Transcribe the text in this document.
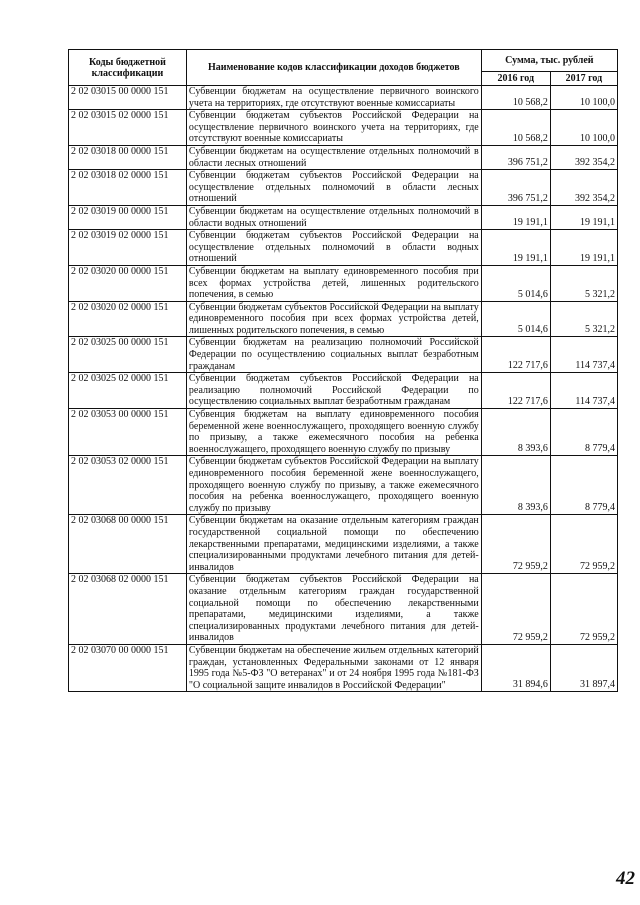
Коды бюджетной классификации	Наименование кодов классификации доходов бюджетов	Сумма, тыс. рублей	
		2016 год	2017 год
2 02 03015 00 0000 151	Субвенции бюджетам на осуществление первичного воинского учета на территориях, где отсутствуют военные комиссариаты	10 568,2	10 100,0
2 02 03015 02 0000 151	Субвенции бюджетам субъектов Российской Федерации на осуществление первичного воинского учета на территориях, где отсутствуют военные комиссариаты	10 568,2	10 100,0
2 02 03018 00 0000 151	Субвенции бюджетам на осуществление отдельных полномочий в области лесных отношений	396 751,2	392 354,2
2 02 03018 02 0000 151	Субвенции бюджетам субъектов Российской Федерации на осуществление отдельных полномочий в области лесных отношений	396 751,2	392 354,2
2 02 03019 00 0000 151	Субвенции бюджетам на осуществление отдельных полномочий в области водных отношений	19 191,1	19 191,1
2 02 03019 02 0000 151	Субвенции бюджетам субъектов Российской Федерации на осуществление отдельных полномочий в области водных отношений	19 191,1	19 191,1
2 02 03020 00 0000 151	Субвенции бюджетам на выплату единовременного пособия при всех формах устройства детей, лишенных родительского попечения, в семью	5 014,6	5 321,2
2 02 03020 02 0000 151	Субвенции бюджетам субъектов Российской Федерации на выплату единовременного пособия при всех формах устройства детей, лишенных родительского попечения, в семью	5 014,6	5 321,2
2 02 03025 00 0000 151	Субвенции бюджетам на реализацию полномочий Российской Федерации по осуществлению социальных выплат безработным гражданам	122 717,6	114 737,4
2 02 03025 02 0000 151	Субвенции бюджетам субъектов Российской Федерации на реализацию полномочий Российской Федерации по осуществлению социальных выплат безработным гражданам	122 717,6	114 737,4
2 02 03053 00 0000 151	Субвенция бюджетам на выплату единовременного пособия беременной жене военнослужащего, проходящего военную службу по призыву, а также ежемесячного пособия на ребенка военнослужащего, проходящего военную службу по призыву	8 393,6	8 779,4
2 02 03053 02 0000 151	Субвенции бюджетам субъектов Российской Федерации на выплату единовременного пособия беременной жене военнослужащего, проходящего военную службу по призыву, а также ежемесячного пособия на ребенка военнослужащего, проходящего военную службу по призыву	8 393,6	8 779,4
2 02 03068 00 0000 151	Субвенции бюджетам на оказание отдельным категориям граждан государственной социальной помощи по обеспечению лекарственными препаратами, медицинскими изделиями, а также специализированными продуктами лечебного питания для детей-инвалидов	72 959,2	72 959,2
2 02 03068 02 0000 151	Субвенции бюджетам субъектов Российской Федерации на оказание отдельным категориям граждан государственной социальной помощи по обеспечению лекарственными препаратами, медицинскими изделиями, а также специализированных продуктами лечебного питания для детей-инвалидов	72 959,2	72 959,2
2 02 03070 00 0000 151	Субвенции бюджетам на обеспечение жильем отдельных категорий граждан, установленных Федеральными законами от 12 января 1995 года №5-ФЗ "О ветеранах" и от 24 ноября 1995 года №181-ФЗ "О социальной защите инвалидов в Российской Федерации"	31 894,6	31 897,4
42
